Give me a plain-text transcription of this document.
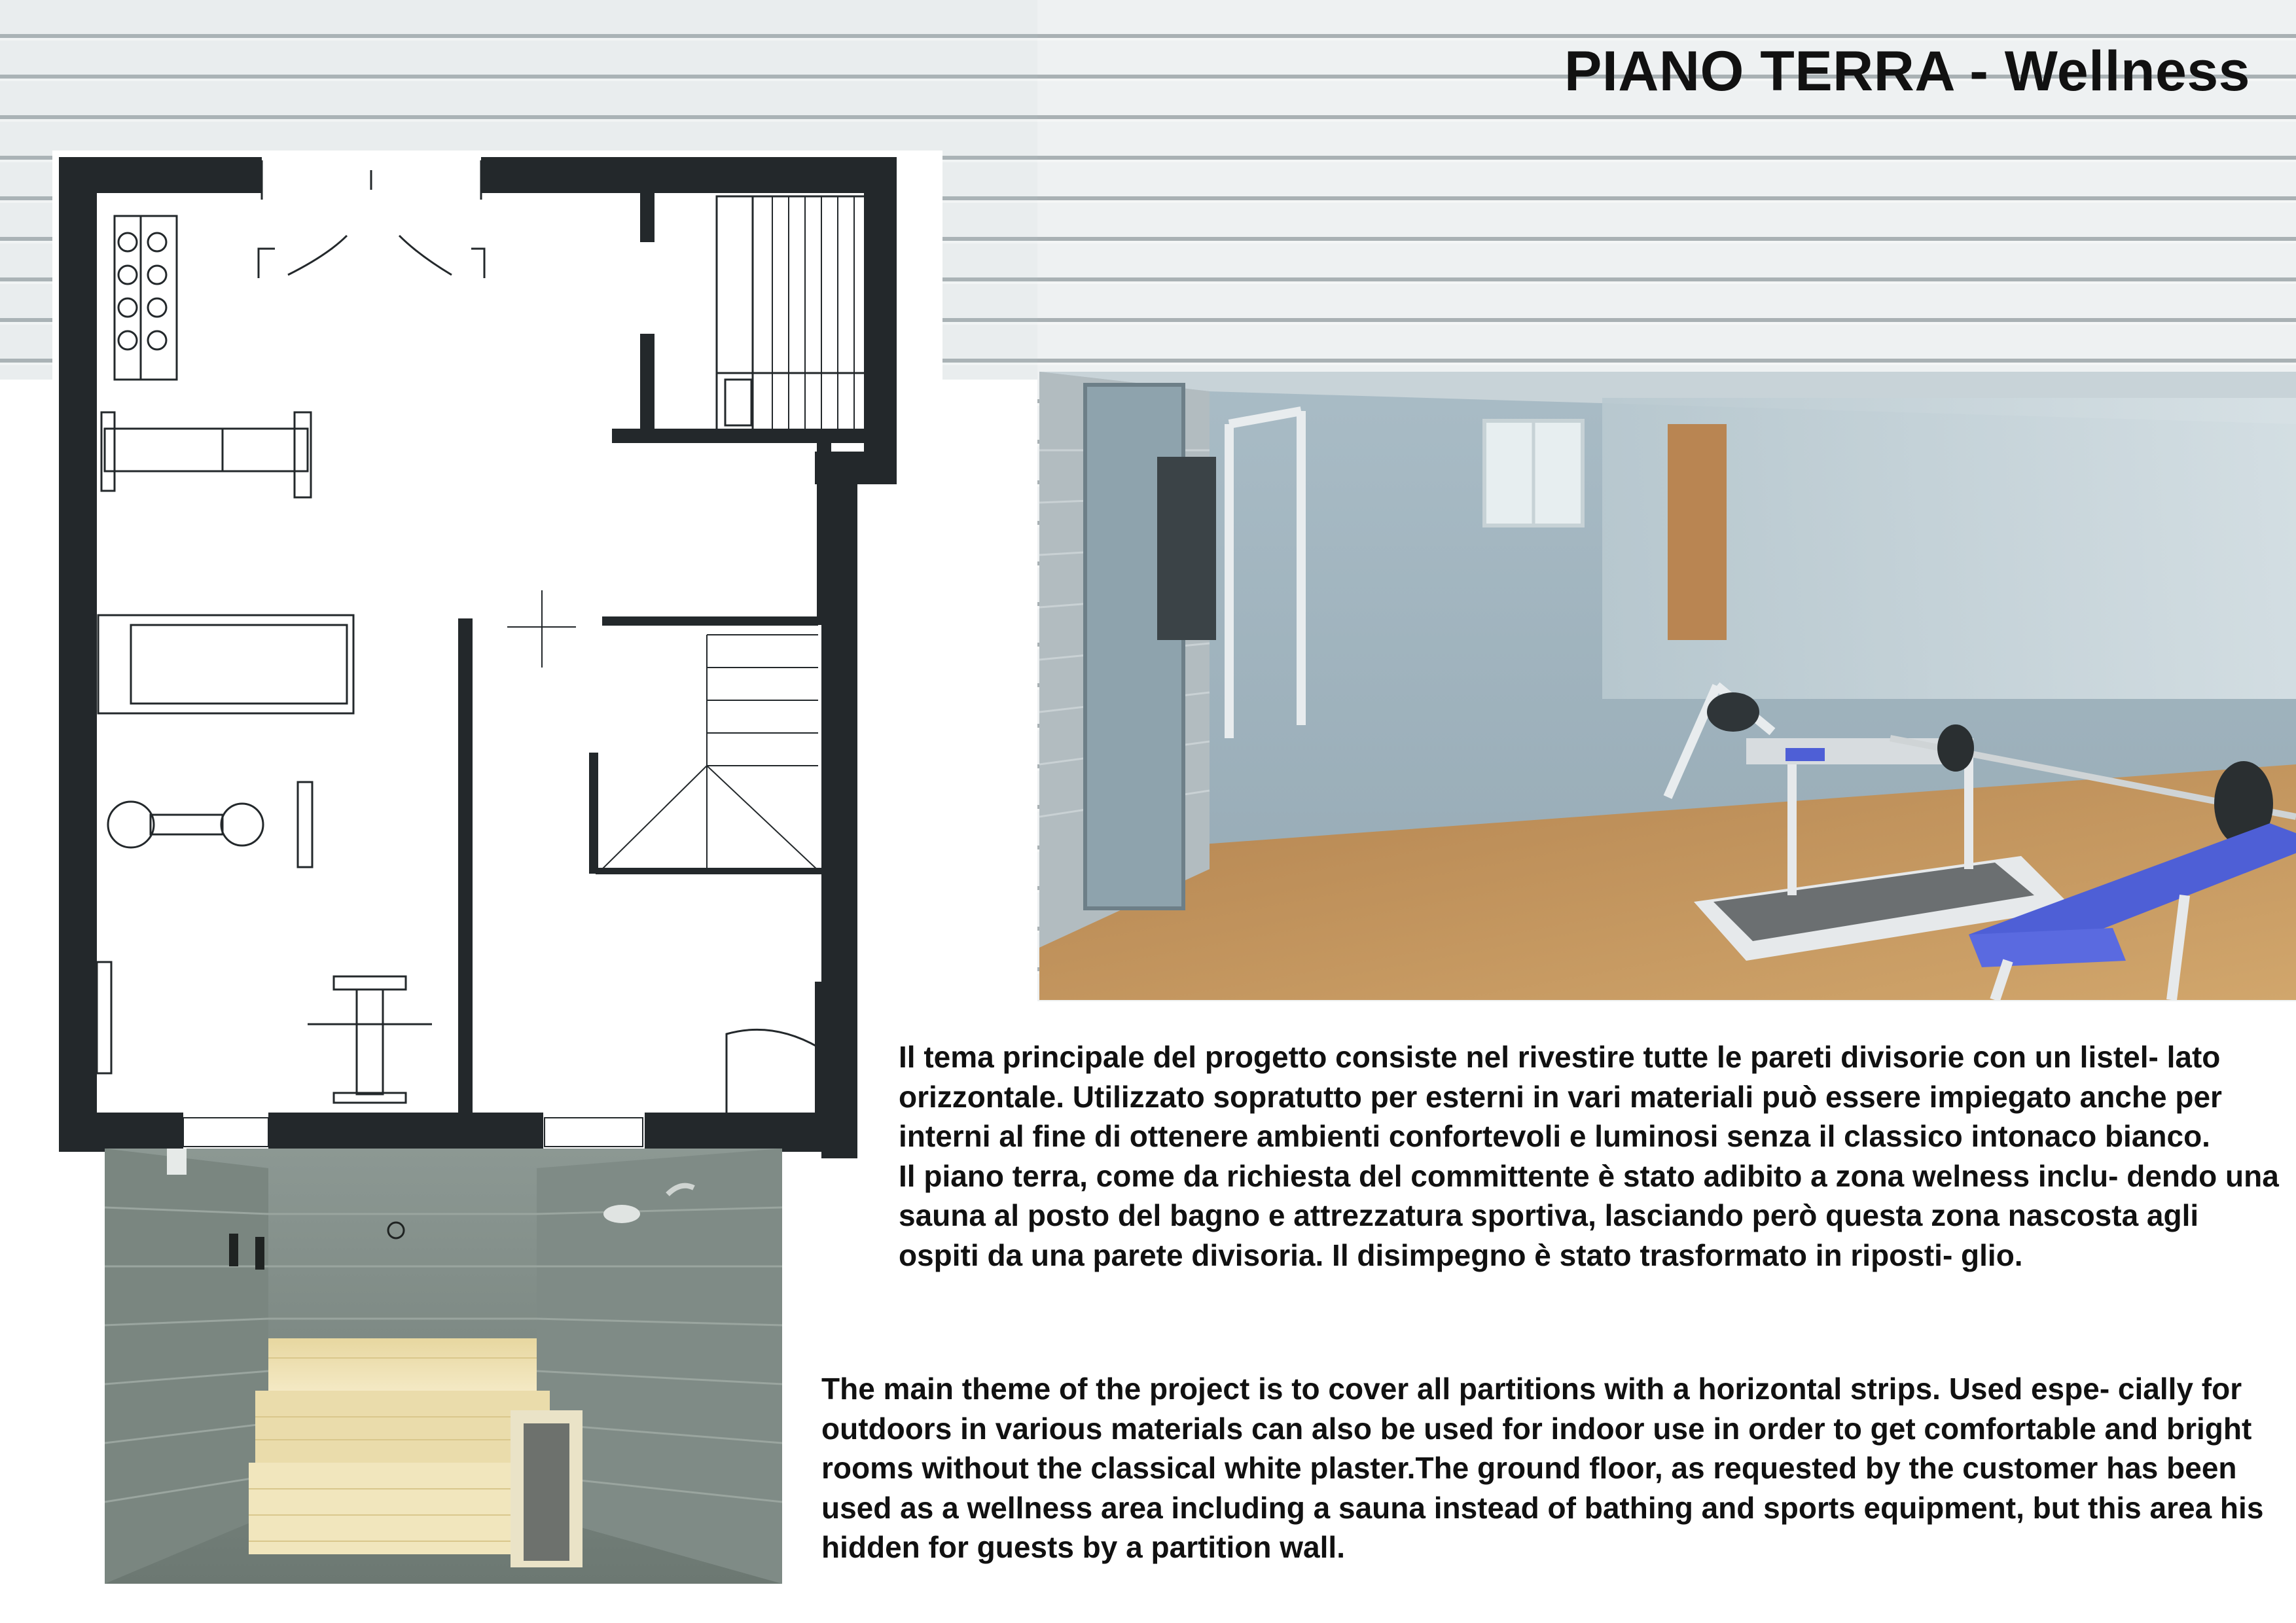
PIANO TERRA - Wellness
Il tema principale del progetto consiste nel rivestire tutte le pareti divisorie con un listel- lato orizzontale. Utilizzato sopratutto per esterni in vari materiali può essere impiegato anche per interni al fine di ottenere ambienti confortevoli e luminosi senza il classico intonaco bianco.
Il piano terra, come da richiesta del committente è stato adibito a zona welness inclu- dendo una sauna al posto del bagno e attrezzatura sportiva, lasciando però questa zona nascosta agli ospiti da una parete divisoria. Il disimpegno è stato trasformato in riposti- glio.
The main theme of the project is to cover all partitions with a horizontal strips. Used espe- cially for outdoors in various materials can also be used for indoor use in order to get comfortable and bright rooms without the classical white plaster.The ground floor, as requested by the customer has been used as a wellness area including a sauna instead of bathing and sports equipment, but this area his hidden for guests by a partition wall.
